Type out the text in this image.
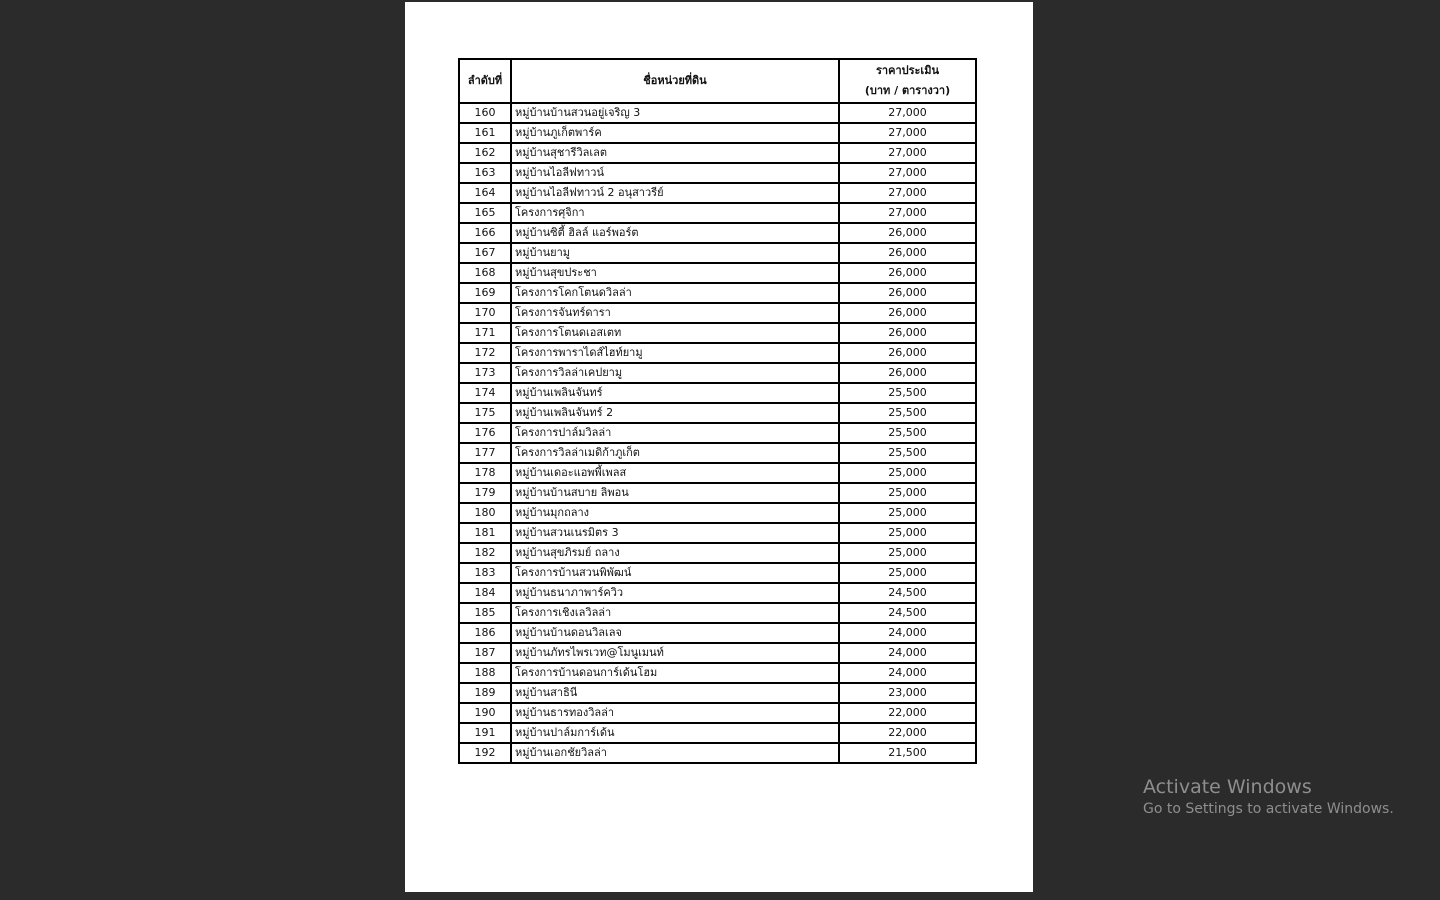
ลำดับที่	ชื่อหน่วยที่ดิน	ราคาประเมิน
(บาท / ตารางวา)

160	หมู่บ้านบ้านสวนอยู่เจริญ 3	27,000
161	หมู่บ้านภูเก็ตพาร์ค	27,000
162	หมู่บ้านสุชารีวิลเลต	27,000
163	หมู่บ้านไอลีฟทาวน์	27,000
164	หมู่บ้านไอลีฟทาวน์ 2 อนุสาวรีย์	27,000
165	โครงการศุจิกา	27,000
166	หมู่บ้านซิตี้ ฮิลล์ แอร์พอร์ต	26,000
167	หมู่บ้านยามู	26,000
168	หมู่บ้านสุขประชา	26,000
169	โครงการโคกโตนดวิลล่า	26,000
170	โครงการจันทร์ดารา	26,000
171	โครงการโตนดเอสเตท	26,000
172	โครงการพาราไดส์ไฮท์ยามู	26,000
173	โครงการวิลล่าเคปยามู	26,000
174	หมู่บ้านเพลินจันทร์	25,500
175	หมู่บ้านเพลินจันทร์ 2	25,500
176	โครงการปาล์มวิลล่า	25,500
177	โครงการวิลล่าเมดิก้าภูเก็ต	25,500
178	หมู่บ้านเดอะแอพพี้เพลส	25,000
179	หมู่บ้านบ้านสบาย ลิพอน	25,000
180	หมู่บ้านมุกถลาง	25,000
181	หมู่บ้านสวนเนรมิตร 3	25,000
182	หมู่บ้านสุขภิรมย์ ถลาง	25,000
183	โครงการบ้านสวนพิพัฒน์	25,000
184	หมู่บ้านธนาภาพาร์ควิว	24,500
185	โครงการเชิงเลวิลล่า	24,500
186	หมู่บ้านบ้านดอนวิลเลจ	24,000
187	หมู่บ้านภัทรไพรเวท@โมนูเมนท์	24,000
188	โครงการบ้านดอนการ์เด้นโฮม	24,000
189	หมู่บ้านสาธินี	23,000
190	หมู่บ้านธารทองวิลล่า	22,000
191	หมู่บ้านปาล์มการ์เด้น	22,000
192	หมู่บ้านเอกชัยวิลล่า	21,500
Activate Windows
Go to Settings to activate Windows.
